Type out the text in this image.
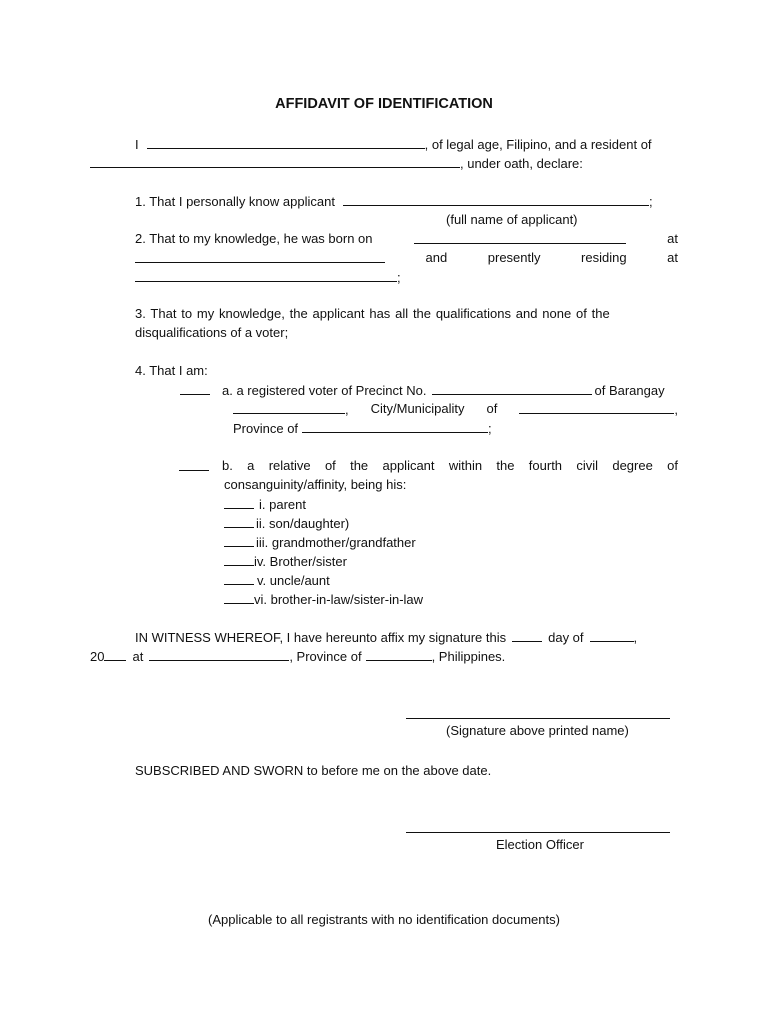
AFFIDAVIT OF IDENTIFICATION
I	, of legal age, Filipino, and a resident of
, under oath, declare:
1. That I personally know applicant	;
(full name of applicant)
2. That to my knowledge, he was born on	at
and	presently	residing	at
;
3. That to my knowledge, the applicant has all the qualifications and none of the
disqualifications of a voter;
4. That I am:
a. a registered voter of Precinct No.	of Barangay
, City/Municipality of	,
Province of	;
b. a relative of the applicant within the fourth civil degree of
consanguinity/affinity, being his:
i. parent
ii. son/daughter)
iii. grandmother/grandfather
iv. Brother/sister
v. uncle/aunt
vi. brother-in-law/sister-in-law
IN WITNESS WHEREOF, I have hereunto affix my signature this	day of	,
20 at	, Province of	, Philippines.
(Signature above printed name)
SUBSCRIBED AND SWORN to before me on the above date.
Election Officer
(Applicable to all registrants with no identification documents)
